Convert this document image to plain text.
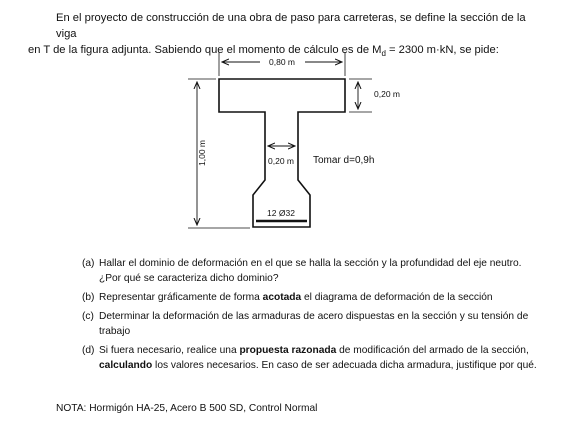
En el proyecto de construcción de una obra de paso para carreteras, se define la sección de la viga
en T de la figura adjunta. Sabiendo que el momento de cálculo es de $M_d = 2300$ m·kN, se pide:
0,80 m
0,20 m
1,00 m	0,20 m Tomar d=0,9h
12 Ø32
(a) Hallar el dominio de deformación en el que se halla la sección y la profundidad del eje neutro. ¿Por qué se caracteriza dicho dominio?
(b) Representar gráficamente de forma acotada el diagrama de deformación de la sección
(c) Determinar la deformación de las armaduras de acero dispuestas en la sección y su tensión de trabajo
(d) Si fuera necesario, realice una propuesta razonada de modificación del armado de la sección, calculando los valores necesarios. En caso de ser adecuada dicha armadura, justifique por qué.
NOTA: Hormigón HA-25, Acero B 500 SD, Control Normal
